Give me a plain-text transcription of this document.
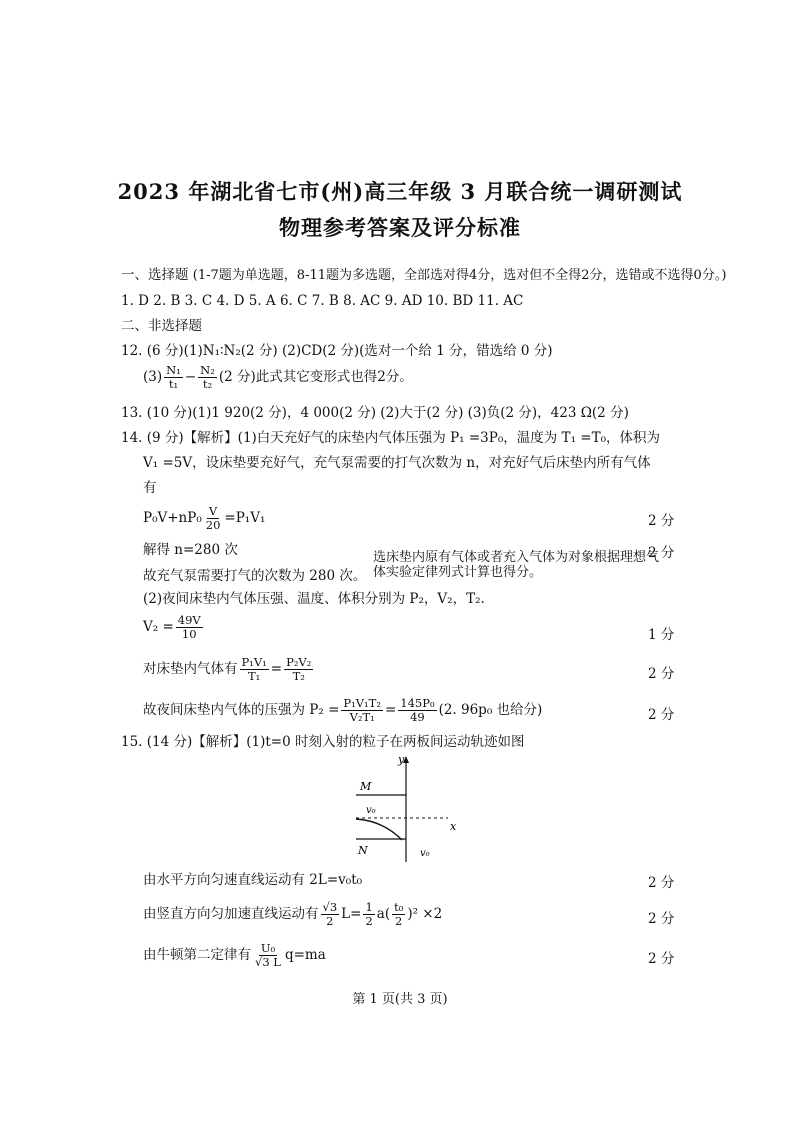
2023 年湖北省七市(州)高三年级 3 月联合统一调研测试
物理参考答案及评分标准
一、选择题 (1-7题为单选题，8-11题为多选题，全部选对得4分，选对但不全得2分，选错或不选得0分。)
1. D 2. B 3. C 4. D 5. A 6. C 7. B 8. AC 9. AD 10. BD 11. AC
二、非选择题
12. (6 分)(1)N₁∶N₂(2 分) (2)CD(2 分)(选对一个给 1 分，错选给 0 分)
$(3) \frac{\text{N₁}}{\text{t₁}} - \frac{\text{N₂}}{\text{t₂}} (2$ 分)此式其它变形式也得2分。
13. (10 分)(1)1 920(2 分)，4 000(2 分) (2)大于(2 分) (3)负(2 分)，423 Ω(2 分)
14. (9 分)【解析】(1)白天充好气的床垫内气体压强为 P₁ =3P₀，温度为 T₁ =T₀，体积为
V₁ =5V，设床垫要充好气，充气泵需要的打气次数为 n，对充好气后床垫内所有气体
有
$P_0V+nP_0 \frac{V}{20} =P_1V_1$	2 分
解得 n=280 次	2 分
选床垫内原有气体或者充入气体为对象根据理想气体实验定律列式计算也得分。
故充气泵需要打气的次数为 280 次。
(2)夜间床垫内气体压强、温度、体积分别为 P₂，V₂，T₂.
$V_2 = \frac{49V}{10}$	1 分
对床垫内气体有 $\frac{\text{P₁V₁}}{\text{T₁}} = \frac{\text{P₂V₂}}{\text{T₂}}$	2 分
故夜间床垫内气体的压强为 $P_2 = \frac{\text{P₁V₁T₂}}{\text{V₂T₁}} = \frac{\text{145P₀}}{49} (2$. 96p₀ 也给分)	2 分
15. (14 分)【解析】(1)t=0 时刻入射的粒子在两板间运动轨迹如图
y
M
v₀
x
N	v₀
由水平方向匀速直线运动有 2L=v₀t₀	2 分
由竖直方向匀加速直线运动有 $\frac{√3}{2} L= \frac{1}{2} a( \frac{\text{t₀}}{2} )^2 \times 2$	2 分
由牛顿第二定律有 $\frac{\text{U₀}}{√3 L} q=ma$	2 分
第 1 页(共 3 页)
